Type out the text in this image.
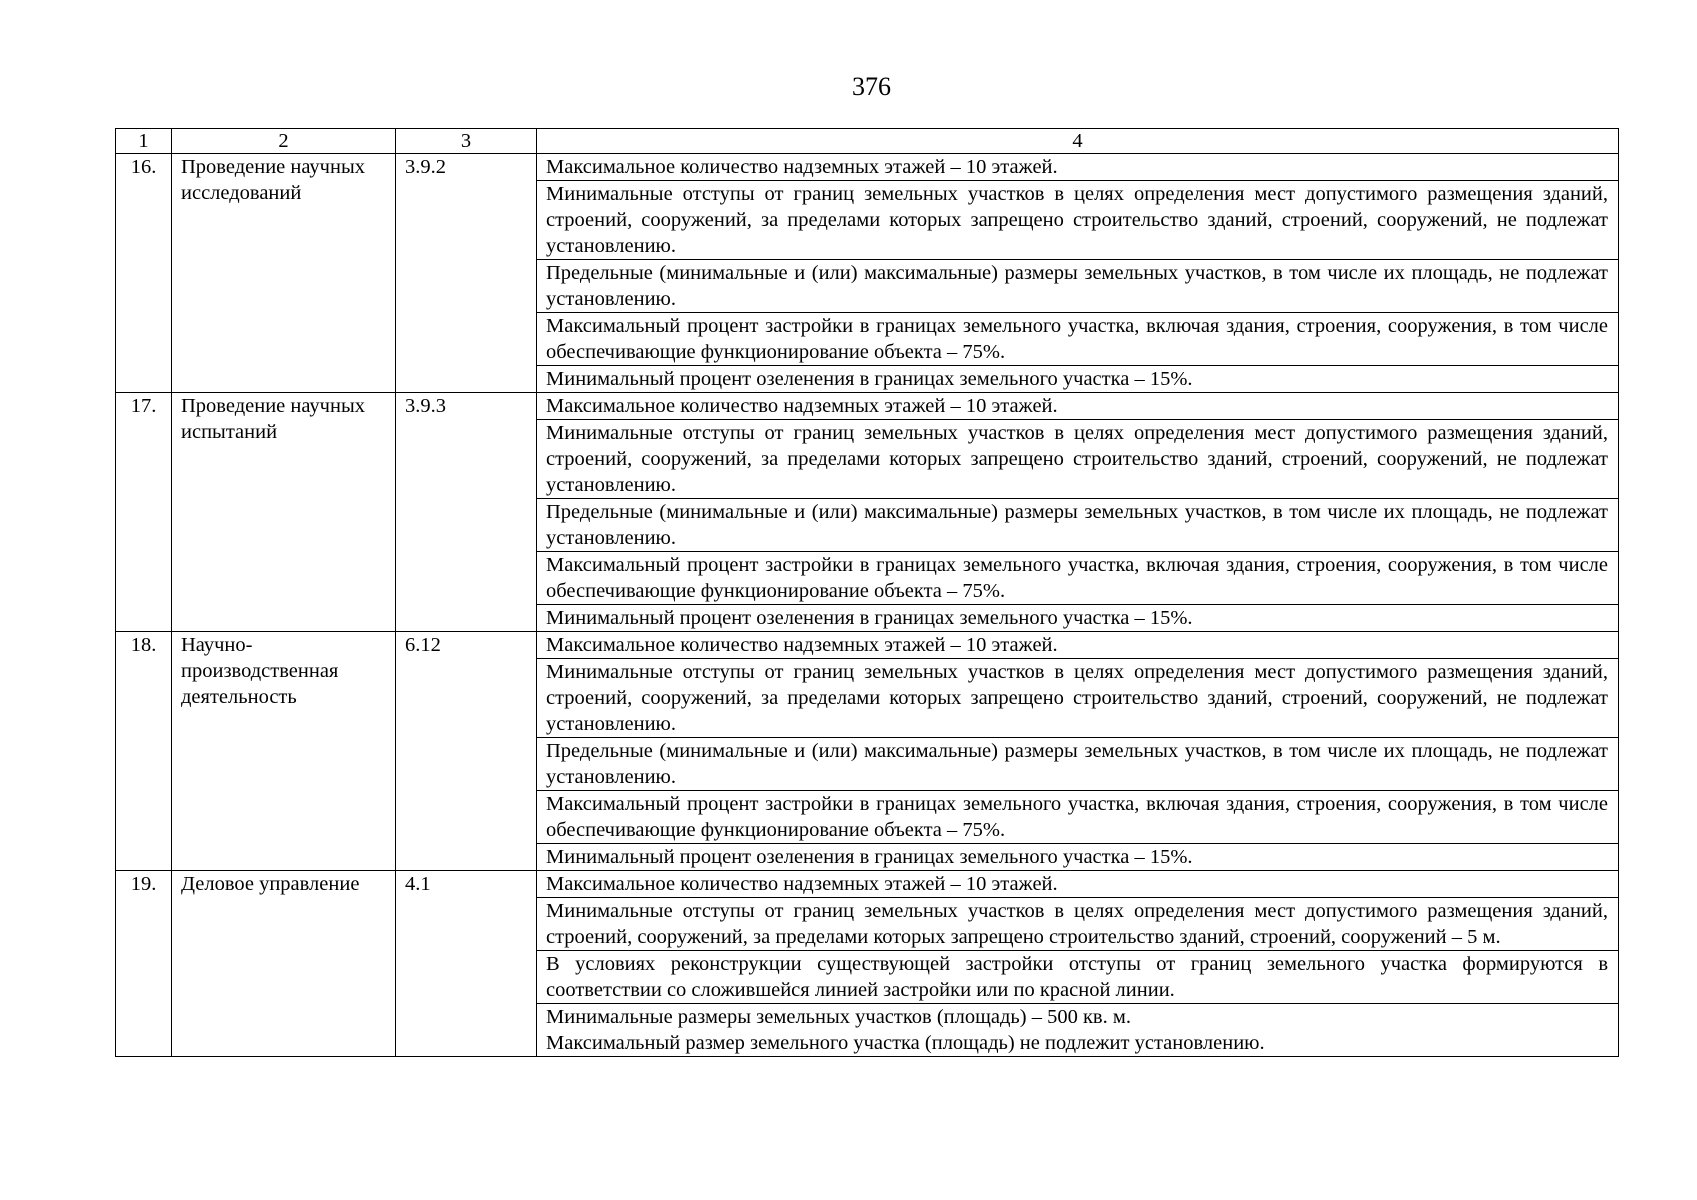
376
1	2	3	4
16.	Проведение научных исследований	3.9.2	Максимальное количество надземных этажей – 10 этажей.
			Минимальные отступы от границ земельных участков в целях определения мест допустимого размещения зданий, строений, сооружений, за пределами которых запрещено строительство зданий, строений, сооружений, не подлежат установлению.
			Предельные (минимальные и (или) максимальные) размеры земельных участков, в том числе их площадь, не подлежат установлению.
			Максимальный процент застройки в границах земельного участка, включая здания, строения, сооружения, в том числе обеспечивающие функционирование объекта – 75%.
			Минимальный процент озеленения в границах земельного участка – 15%.
17.	Проведение научных испытаний	3.9.3	Максимальное количество надземных этажей – 10 этажей.
			Минимальные отступы от границ земельных участков в целях определения мест допустимого размещения зданий, строений, сооружений, за пределами которых запрещено строительство зданий, строений, сооружений, не подлежат установлению.
			Предельные (минимальные и (или) максимальные) размеры земельных участков, в том числе их площадь, не подлежат установлению.
			Максимальный процент застройки в границах земельного участка, включая здания, строения, сооружения, в том числе обеспечивающие функционирование объекта – 75%.
			Минимальный процент озеленения в границах земельного участка – 15%.
18.	Научно-производственная деятельность	6.12	Максимальное количество надземных этажей – 10 этажей.
			Минимальные отступы от границ земельных участков в целях определения мест допустимого размещения зданий, строений, сооружений, за пределами которых запрещено строительство зданий, строений, сооружений, не подлежат установлению.
			Предельные (минимальные и (или) максимальные) размеры земельных участков, в том числе их площадь, не подлежат установлению.
			Максимальный процент застройки в границах земельного участка, включая здания, строения, сооружения, в том числе обеспечивающие функционирование объекта – 75%.
			Минимальный процент озеленения в границах земельного участка – 15%.
19.	Деловое управление	4.1	Максимальное количество надземных этажей – 10 этажей.
			Минимальные отступы от границ земельных участков в целях определения мест допустимого размещения зданий, строений, сооружений, за пределами которых запрещено строительство зданий, строений, сооружений – 5 м.
			В условиях реконструкции существующей застройки отступы от границ земельного участка формируются в соответствии со сложившейся линией застройки или по красной линии.

			Минимальные размеры земельных участков (площадь) – 500 кв. м.
Максимальный размер земельного участка (площадь) не подлежит установлению.
